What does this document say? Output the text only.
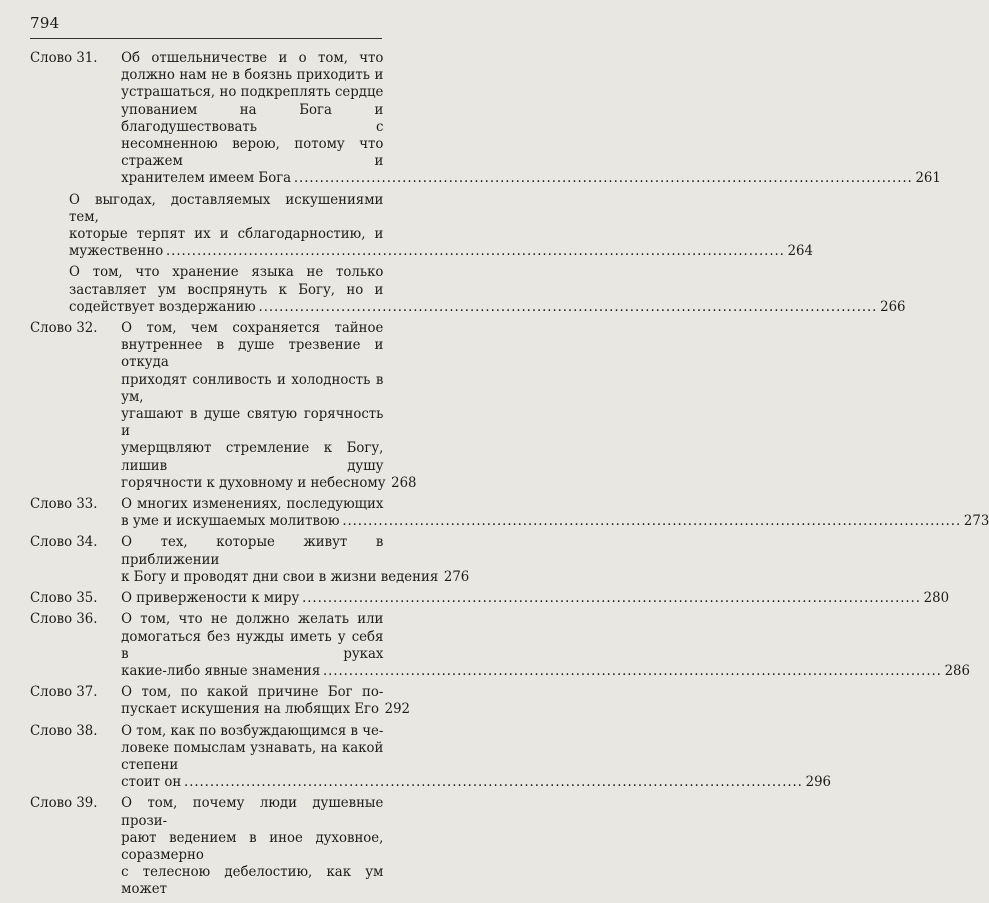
794
Слово 31. Об отшельничестве и о том, что
должно нам не в боязнь приходить и
устрашаться, но подкреплять сердце
упованием на Бога и благодушествовать с
несомненною верою, потому что стражем и
хранителем имеем Бога ........................................................................................................................ 261
О выгодах, доставляемых искушениями тем,
которые терпят их и сблагодарностию, и
мужественно ........................................................................................................................ 264
О том, что хранение языка не только
заставляет ум воспрянуть к Богу, но и
содействует воздержанию ........................................................................................................................ 266
Слово 32. О том, чем сохраняется тайное
внутреннее в душе трезвение и откуда
приходят сонливость и холодность в ум,
угашают в душе святую горячность и
умерщвляют стремление к Богу, лишив душу
горячности к духовному и небесному 268
Слово 33. О многих изменениях, последующих
в уме и искушаемых молитвою ........................................................................................................................ 273
Слово 34. О тех, которые живут в приближении
к Богу и проводят дни свои в жизни ведения 276
Слово 35. О привержености к миру ........................................................................................................................ 280
Слово 36. О том, что не должно желать или
домогаться без нужды иметь у себя в руках
какие-либо явные знамения ........................................................................................................................ 286
Слово 37. О том, по какой причине Бог по-
пускает искушения на любящих Его 292
Слово 38. О том, как по возбуждающимся в че-
ловеке помыслам узнавать, на какой степени
стоит он ........................................................................................................................ 296
Слово 39. О том, почему люди душевные прози-
рают ведением в иное духовное, соразмерно
с телесною дебелостию, как ум может
